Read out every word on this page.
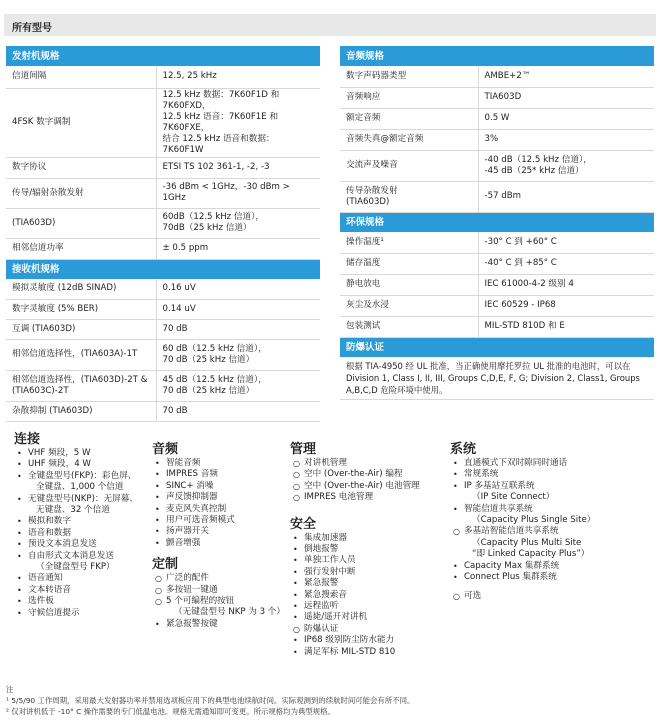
所有型号
发射机规格	
信道间隔	12.5, 25 kHz
4FSK 数字调制	12.5 kHz 数据：7K60F1D 和 7K60FXD，
12.5 kHz 语音：7K60F1E 和 7K60FXE，
结合 12.5 kHz 语音和数据：7K60F1W
数字协议	ETSI TS 102 361-1, -2, -3
传导/辐射杂散发射	-36 dBm < 1GHz，-30 dBm > 1GHz
(TIA603D)	60dB（12.5 kHz 信道），
70dB（25 kHz 信道）
相邻信道功率	± 0.5 ppm
接收机规格	
模拟灵敏度 (12dB SINAD)	0.16 uV
数字灵敏度 (5% BER)	0.14 uV
互调 (TIA603D)	70 dB
相邻信道选择性，(TIA603A)-1T	60 dB（12.5 kHz 信道），
70 dB（25 kHz 信道）
相邻信道选择性，(TIA603D)-2T &
(TIA603C)-2T	45 dB（12.5 kHz 信道），
70 dB（25 kHz 信道）
杂散抑制 (TIA603D)	70 dB
音频规格	
数字声码器类型	AMBE+2™
音频响应	TIA603D
额定音频	0.5 W
音频失真@额定音频	3%
交流声及噪音	-40 dB（12.5 kHz 信道），
-45 dB（25* kHz 信道）
传导杂散发射
(TIA603D)	-57 dBm
环保规格	
操作温度¹	-30° C 到 +60° C
储存温度	-40° C 到 +85° C
静电放电	IEC 61000-4-2 级别 4
灰尘及水浸	IEC 60529 - IP68
包装测试	MIL-STD 810D 和 E
防爆认证	
根据 TIA-4950 经 UL 批准，当正确使用摩托罗拉 UL 批准的电池时，可以在 Division 1, Class I, II, III, Groups C,D,E, F, G; Division 2, Class1, Groups A,B,C,D 危险环境中使用。	
连接
• VHF 频段，5 W
• UHF 频段，4 W
• 全键盘型号(FKP)：彩色屏、
全键盘、1,000 个信道
• 无键盘型号(NKP)：无屏幕、
无键盘、32 个信道
• 模拟和数字
• 语音和数据
• 预设文本消息发送
• 自由形式文本消息发送
（全键盘型号 FKP）
• 语音通知
• 文本转语音
• 选件板
• 守候信道提示
音频
• 智能音频
• IMPRES 音频
• SINC+ 消噪
• 声反馈抑制器
• 麦克风失真控制
• 用户可选音频模式
• 扬声器开关
• 颤音增强
定制
○ 广泛的配件
○ 多按钮一键通
○ 5 个可编程的按钮
（无键盘型号 NKP 为 3 个）
• 紧急报警按键
管理
○ 对讲机管理
○ 空中 (Over-the-Air) 编程
○ 空中 (Over-the-Air) 电池管理
○ IMPRES 电池管理
安全
• 集成加速器
• 倒地报警
• 单独工作人员
• 强行发射中断
• 紧急报警
• 紧急搜索音
• 远程监听
• 遥毙/遥开对讲机
○ 防爆认证
• IP68 级别防尘防水能力
• 满足军标 MIL-STD 810
系统
• 直通模式下双时隙同时通话
• 常规系统
• IP 多基站互联系统
（IP Site Connect）
• 智能信道共享系统
（Capacity Plus Single Site）
○ 多基站智能信道共享系统
（Capacity Plus Multi Site
“即 Linked Capacity Plus”）
• Capacity Max 集群系统
• Connect Plus 集群系统
○ 可选
注
¹ 5/5/90 工作周期，采用最大发射器功率并禁用选项板应用下的典型电池续航时间。实际观测到的续航时间可能会有所不同。
² 仅对讲机低于 -10° C 操作需要的专门低温电池。规格无需通知即可变更。所示规格均为典型规格。
